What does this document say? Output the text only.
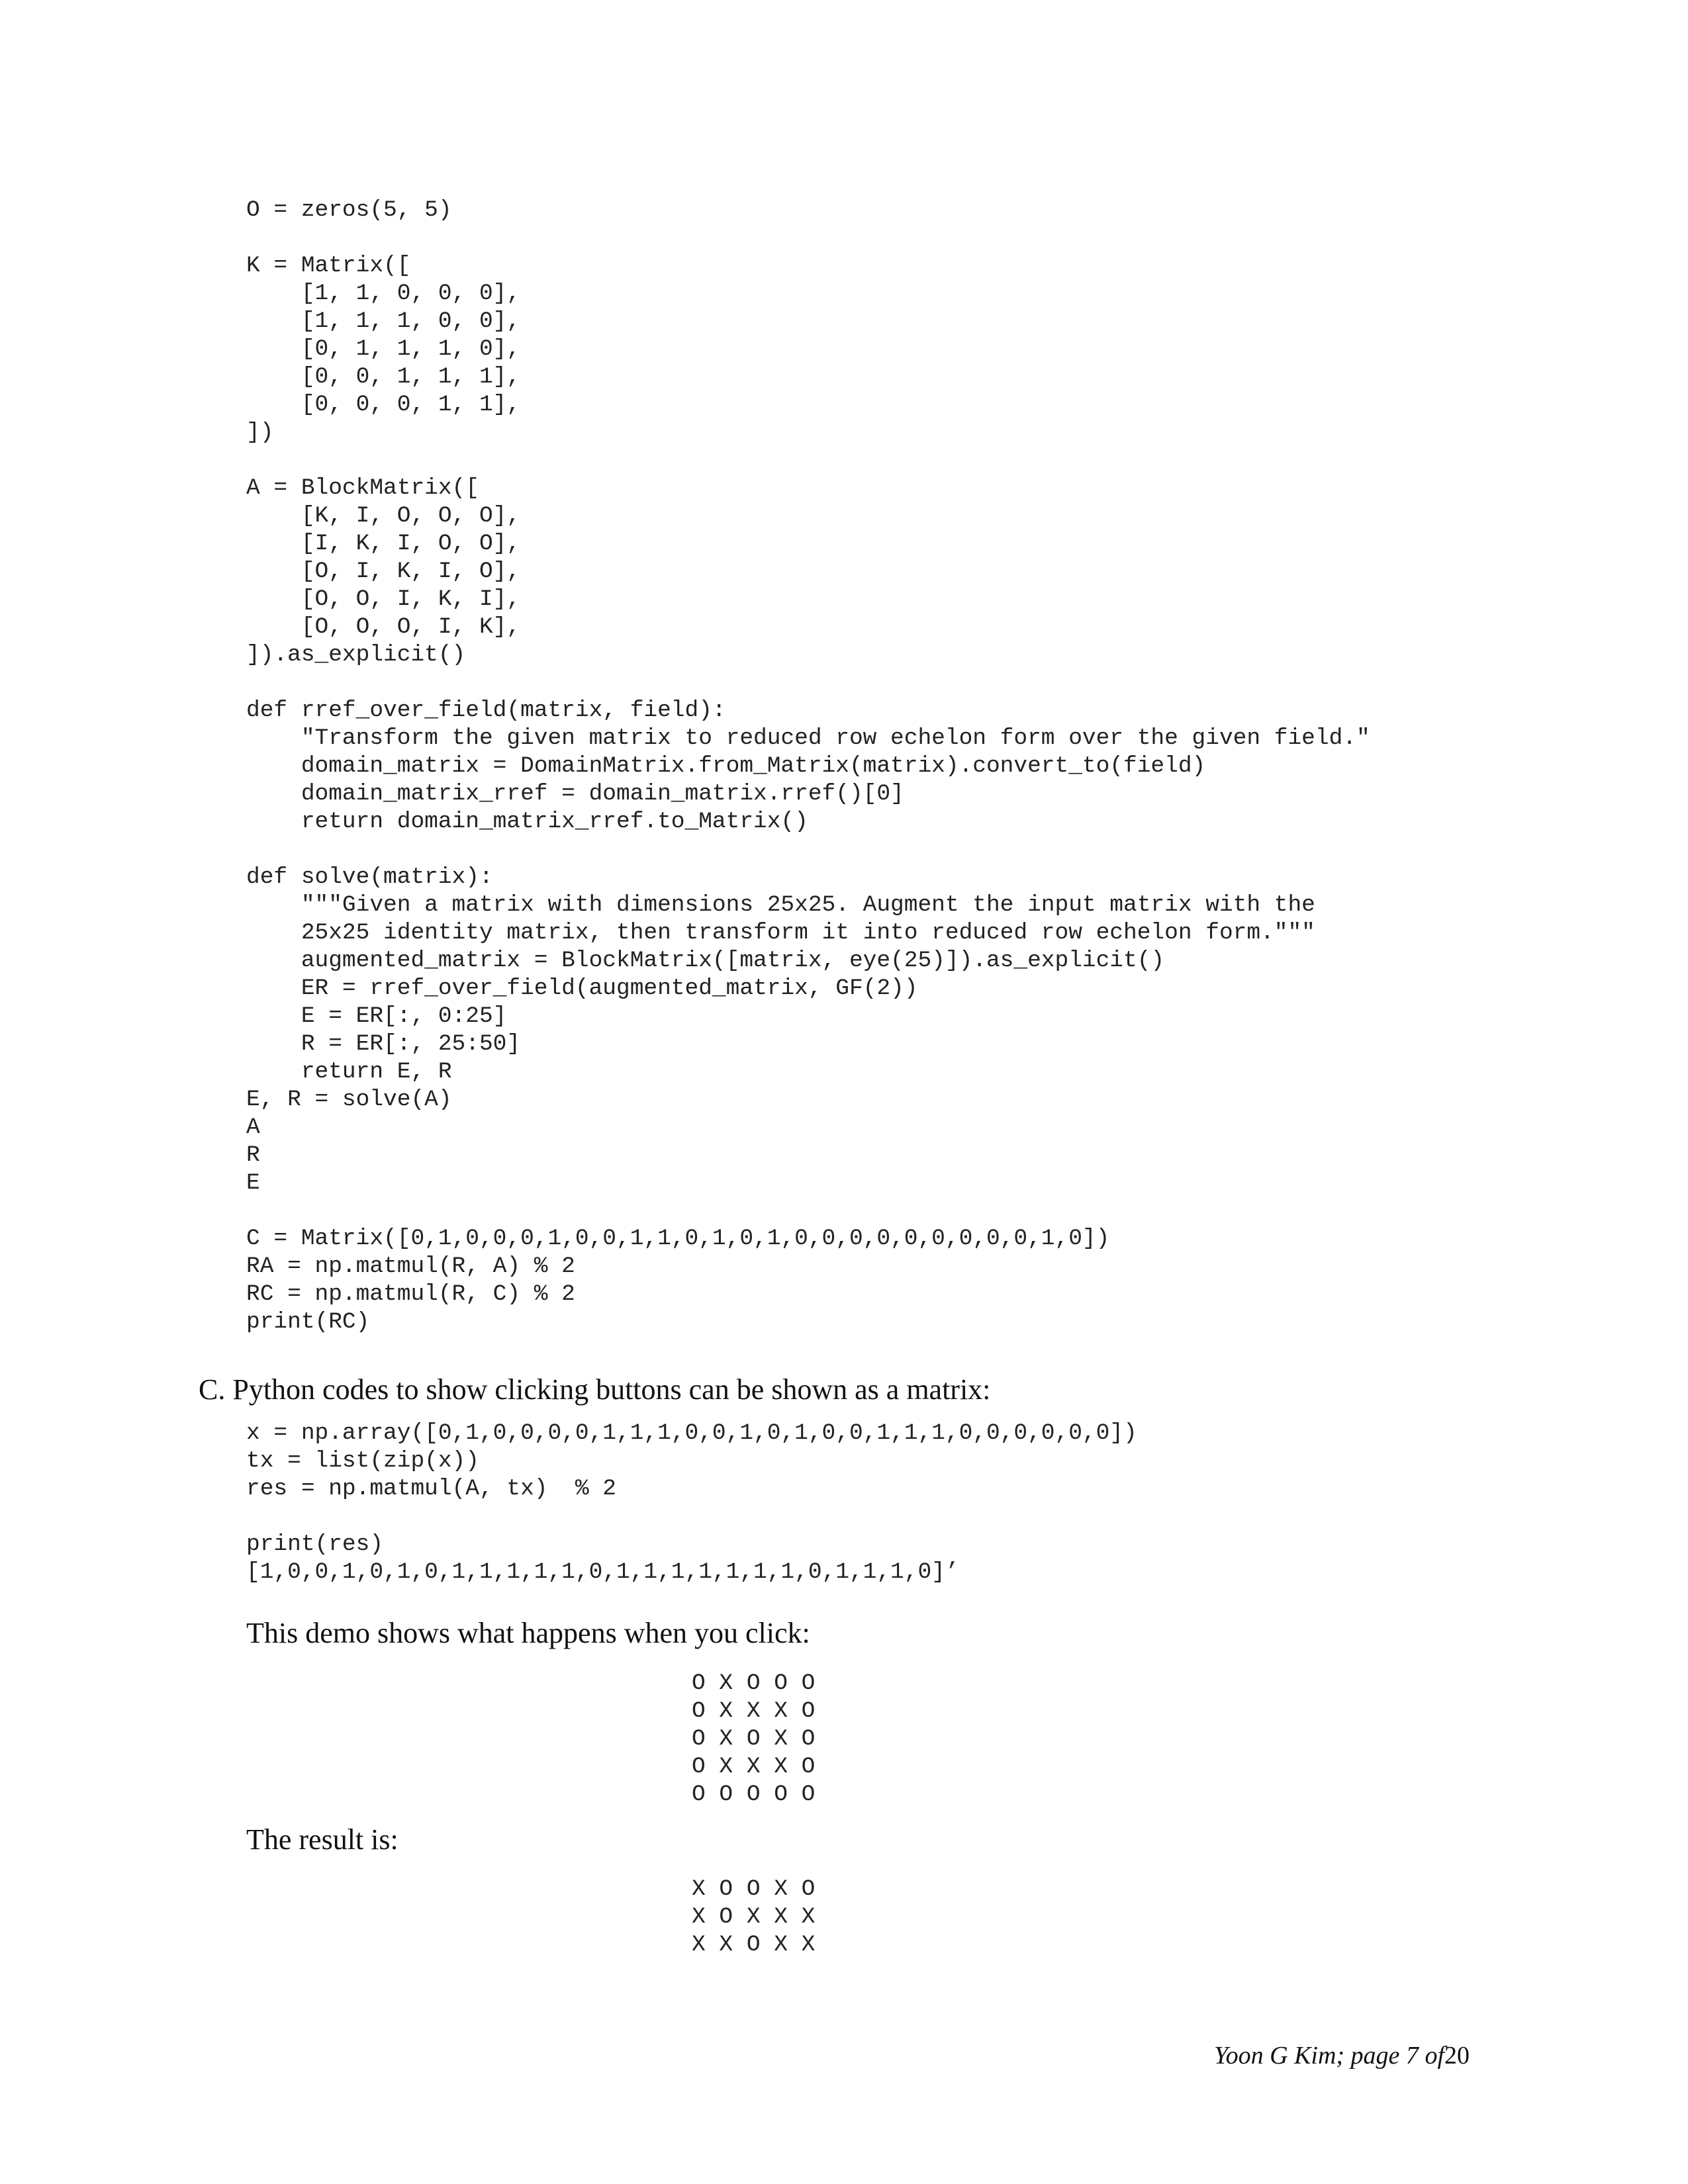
O = zeros(5, 5)

K = Matrix([
[1, 1, 0, 0, 0],
[1, 1, 1, 0, 0],
[0, 1, 1, 1, 0],
[0, 0, 1, 1, 1],
[0, 0, 0, 1, 1],
])

A = BlockMatrix([
[K, I, O, O, O],
[I, K, I, O, O],
[O, I, K, I, O],
[O, O, I, K, I],
[O, O, O, I, K],
]).as_explicit()

def rref_over_field(matrix, field):
"Transform the given matrix to reduced row echelon form over the given field."
domain_matrix = DomainMatrix.from_Matrix(matrix).convert_to(field)
domain_matrix_rref = domain_matrix.rref()[0]
return domain_matrix_rref.to_Matrix()

def solve(matrix):
"""Given a matrix with dimensions 25x25. Augment the input matrix with the
25x25 identity matrix, then transform it into reduced row echelon form."""
augmented_matrix = BlockMatrix([matrix, eye(25)]).as_explicit()
ER = rref_over_field(augmented_matrix, GF(2))
E = ER[:, 0:25]
R = ER[:, 25:50]
return E, R
E, R = solve(A)
A
R
E

C = Matrix([0,1,0,0,0,1,0,0,1,1,0,1,0,1,0,0,0,0,0,0,0,0,0,1,0])
RA = np.matmul(R, A) % 2
RC = np.matmul(R, C) % 2
print(RC)
C. Python codes to show clicking buttons can be shown as a matrix:
x = np.array([0,1,0,0,0,0,1,1,1,0,0,1,0,1,0,0,1,1,1,0,0,0,0,0,0])
tx = list(zip(x))
res = np.matmul(A, tx)  % 2

print(res)
[1,0,0,1,0,1,0,1,1,1,1,1,0,1,1,1,1,1,1,1,0,1,1,1,0]’

This demo shows what happens when you click:

O X O O O
O X X X O
O X O X O
O X X X O
O O O O O

The result is:

X O O X O
X O X X X
X X O X X

Yoon G Kim; page 7 of20
